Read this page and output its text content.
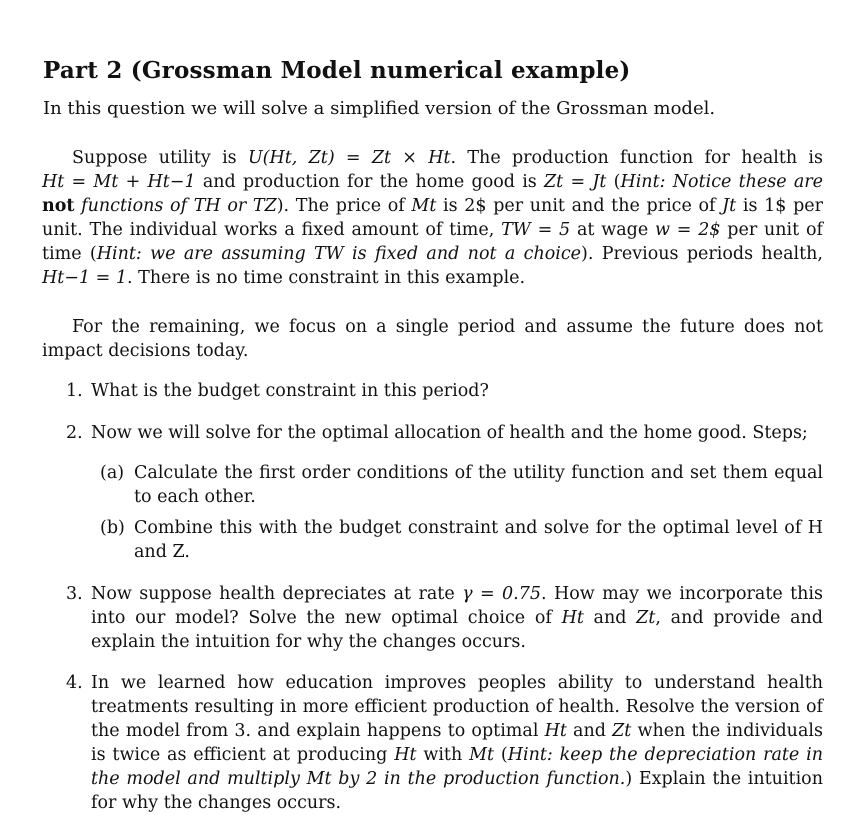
Part 2 (Grossman Model numerical example)

In this question we will solve a simplified version of the Grossman model.

Suppose utility is U(Ht, Zt) = Zt × Ht. The production function for health is Ht = Mt + Ht−1 and production for the home good is Zt = Jt (Hint: Notice these are not functions of TH or TZ). The price of Mt is 2$ per unit and the price of Jt is 1$ per unit. The individual works a fixed amount of time, TW = 5 at wage w = 2$ per unit of time (Hint: we are assuming TW is fixed and not a choice). Previous periods health, Ht−1 = 1. There is no time constraint in this example.

For the remaining, we focus on a single period and assume the future does not impact decisions today.

1. What is the budget constraint in this period?
2. Now we will solve for the optimal allocation of health and the home good. Steps;
(a) Calculate the first order conditions of the utility function and set them equal to each other.
(b) Combine this with the budget constraint and solve for the optimal level of H and Z.
3. Now suppose health depreciates at rate γ = 0.75. How may we incorporate this into our model? Solve the new optimal choice of Ht and Zt, and provide and explain the intuition for why the changes occurs.
4. In we learned how education improves peoples ability to understand health treatments resulting in more efficient production of health. Resolve the version of the model from 3. and explain happens to optimal Ht and Zt when the individuals is twice as efficient at producing Ht with Mt (Hint: keep the depreciation rate in the model and multiply Mt by 2 in the production function.) Explain the intuition for why the changes occurs.
